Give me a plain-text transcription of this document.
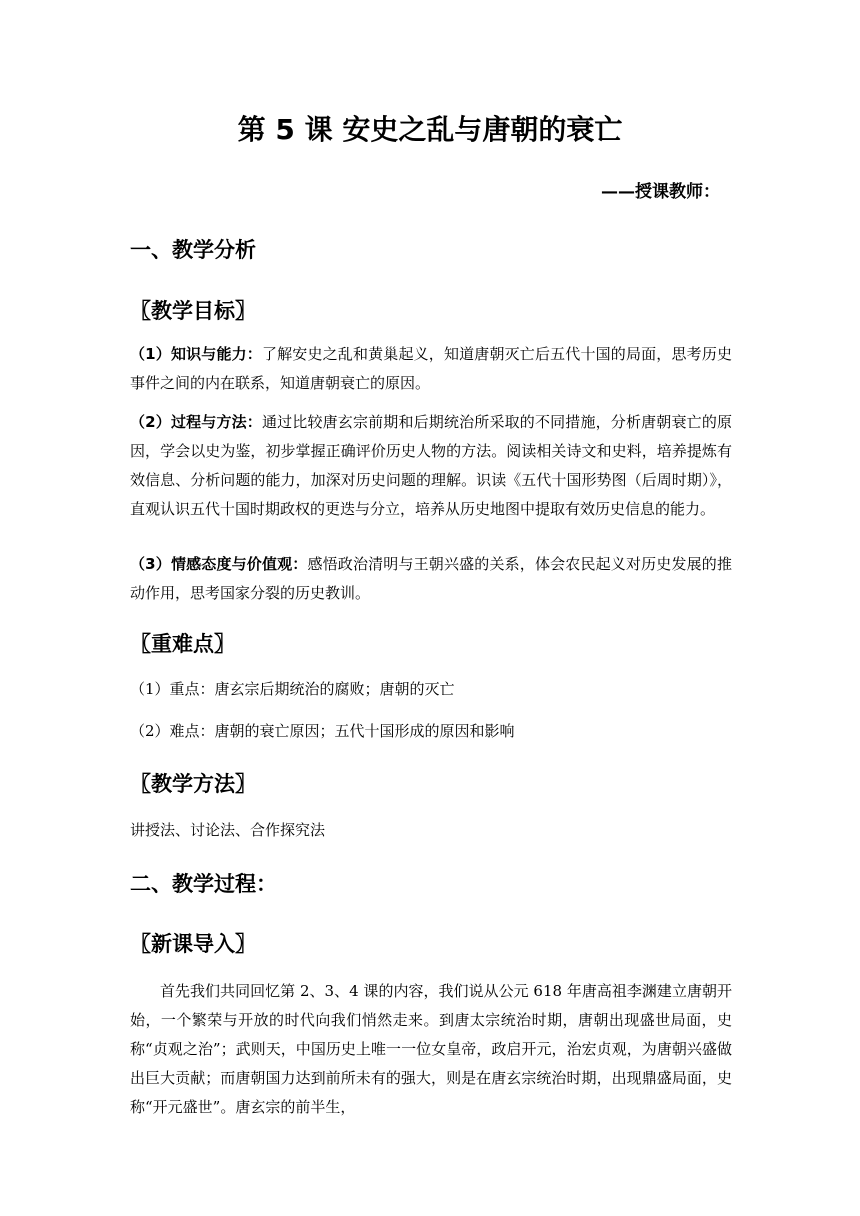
第 5 课 安史之乱与唐朝的衰亡
——授课教师：
一、教学分析
〖教学目标〗

（1）知识与能力：了解安史之乱和黄巢起义，知道唐朝灭亡后五代十国的局面，思考历史事件之间的内在联系，知道唐朝衰亡的原因。

（2）过程与方法：通过比较唐玄宗前期和后期统治所采取的不同措施，分析唐朝衰亡的原因，学会以史为鉴，初步掌握正确评价历史人物的方法。阅读相关诗文和史料，培养提炼有效信息、分析问题的能力，加深对历史问题的理解。识读《五代十国形势图（后周时期）》，直观认识五代十国时期政权的更迭与分立，培养从历史地图中提取有效历史信息的能力。

（3）情感态度与价值观：感悟政治清明与王朝兴盛的关系，体会农民起义对历史发展的推动作用，思考国家分裂的历史教训。

〖重难点〗

（1）重点：唐玄宗后期统治的腐败；唐朝的灭亡

（2）难点：唐朝的衰亡原因；五代十国形成的原因和影响

〖教学方法〗

讲授法、讨论法、合作探究法

二、教学过程：
〖新课导入〗

首先我们共同回忆第 2、3、4 课的内容，我们说从公元 618 年唐高祖李渊建立唐朝开始，一个繁荣与开放的时代向我们悄然走来。到唐太宗统治时期，唐朝出现盛世局面，史称“贞观之治”；武则天，中国历史上唯一一位女皇帝，政启开元，治宏贞观，为唐朝兴盛做出巨大贡献；而唐朝国力达到前所未有的强大，则是在唐玄宗统治时期，出现鼎盛局面，史称“开元盛世”。唐玄宗的前半生，
